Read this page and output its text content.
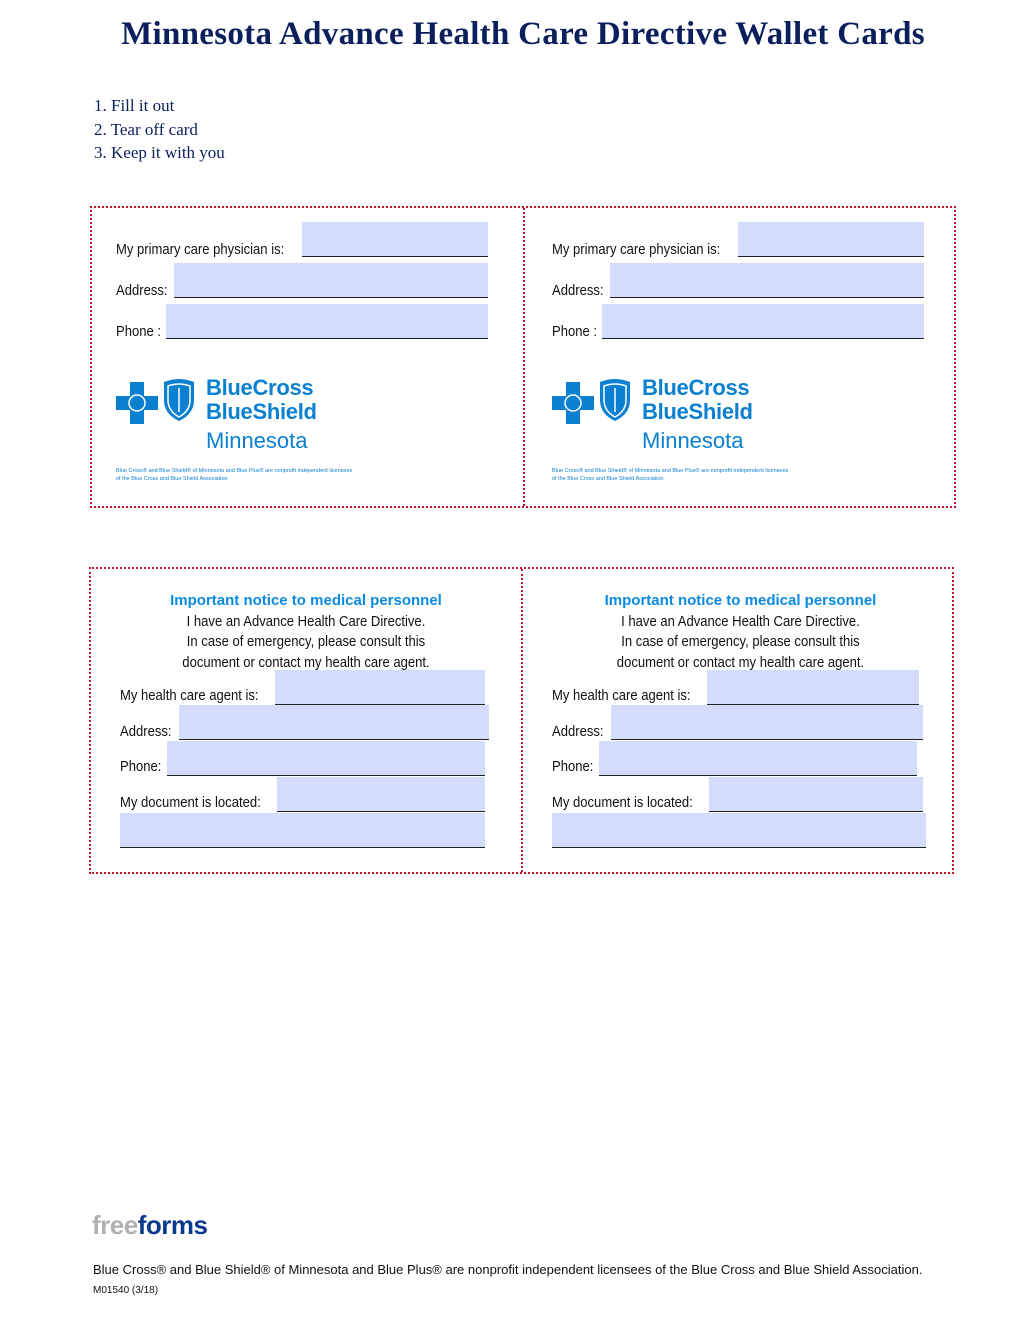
Minnesota Advance Health Care Directive Wallet Cards
1. Fill it out
2. Tear off card
3. Keep it with you
My primary care physician is:
Address:
Phone :
BlueCross
BlueShield
Minnesota
Blue Cross® and Blue Shield® of Minnesota and Blue Plus® are nonprofit independent licensees of the Blue Cross and Blue Shield Association
My primary care physician is:
Address:
Phone :
BlueCross
BlueShield
Minnesota
Blue Cross® and Blue Shield® of Minnesota and Blue Plus® are nonprofit independent licensees of the Blue Cross and Blue Shield Association
Important notice to medical personnel
I have an Advance Health Care Directive.
In case of emergency, please consult this
document or contact my health care agent.
My health care agent is:
Address:
Phone:
My document is located:
Important notice to medical personnel
I have an Advance Health Care Directive.
In case of emergency, please consult this
document or contact my health care agent.
My health care agent is:
Address:
Phone:
My document is located:
freeforms
Blue Cross® and Blue Shield® of Minnesota and Blue Plus® are nonprofit independent licensees of the Blue Cross and Blue Shield Association.
M01540 (3/18)
